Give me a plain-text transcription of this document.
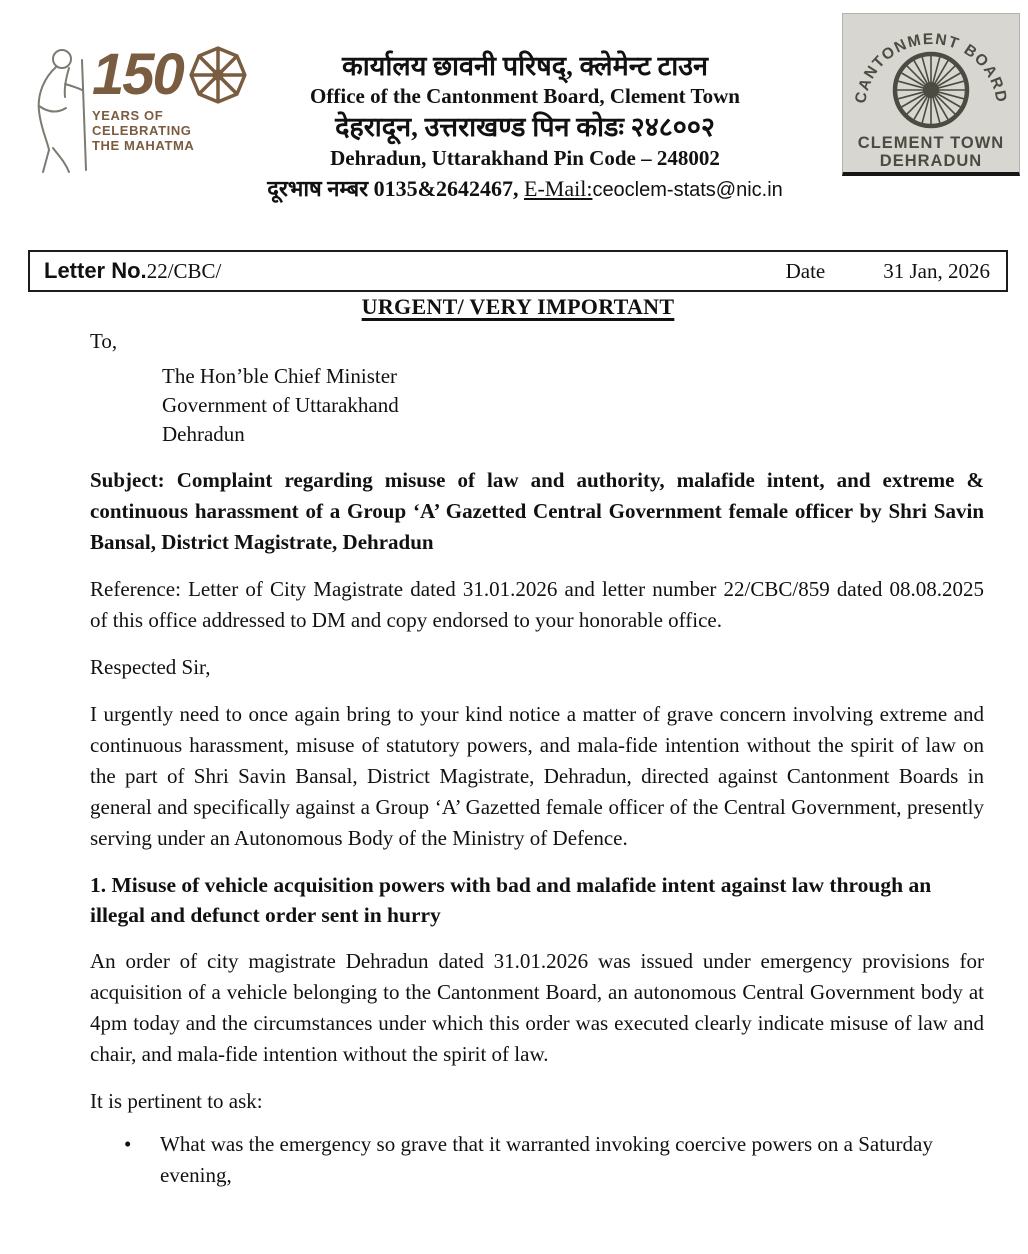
150
YEARS OF
CELEBRATING
THE MAHATMA
कार्यालय छावनी परिषद्, क्लेमेन्ट टाउन
Office of the Cantonment Board, Clement Town
देहरादून, उत्तराखण्ड पिन कोडः २४८००२
Dehradun, Uttarakhand Pin Code – 248002
दूरभाष नम्बर 0135&2642467, E-Mail:ceoclem-stats@nic.in
CANTONMENT BOARD
CLEMENT TOWN
DEHRADUN
Letter No.22/CBC/	Date	31 Jan, 2026
URGENT/ VERY IMPORTANT
To,
The Hon’ble Chief Minister
Government of Uttarakhand
Dehradun

Subject: Complaint regarding misuse of law and authority, malafide intent, and extreme & continuous harassment of a Group ‘A’ Gazetted Central Government female officer by Shri Savin Bansal, District Magistrate, Dehradun

Reference: Letter of City Magistrate dated 31.01.2026 and letter number 22/CBC/859 dated 08.08.2025 of this office addressed to DM and copy endorsed to your honorable office.

Respected Sir,

I urgently need to once again bring to your kind notice a matter of grave concern involving extreme and continuous harassment, misuse of statutory powers, and mala-fide intention without the spirit of law on the part of Shri Savin Bansal, District Magistrate, Dehradun, directed against Cantonment Boards in general and specifically against a Group ‘A’ Gazetted female officer of the Central Government, presently serving under an Autonomous Body of the Ministry of Defence.

1. Misuse of vehicle acquisition powers with bad and malafide intent against law through an illegal and defunct order sent in hurry

An order of city magistrate Dehradun dated 31.01.2026 was issued under emergency provisions for acquisition of a vehicle belonging to the Cantonment Board, an autonomous Central Government body at 4pm today and the circumstances under which this order was executed clearly indicate misuse of law and chair, and mala-fide intention without the spirit of law.

It is pertinent to ask:

•	What was the emergency so grave that it warranted invoking coercive powers on a Saturday evening,
